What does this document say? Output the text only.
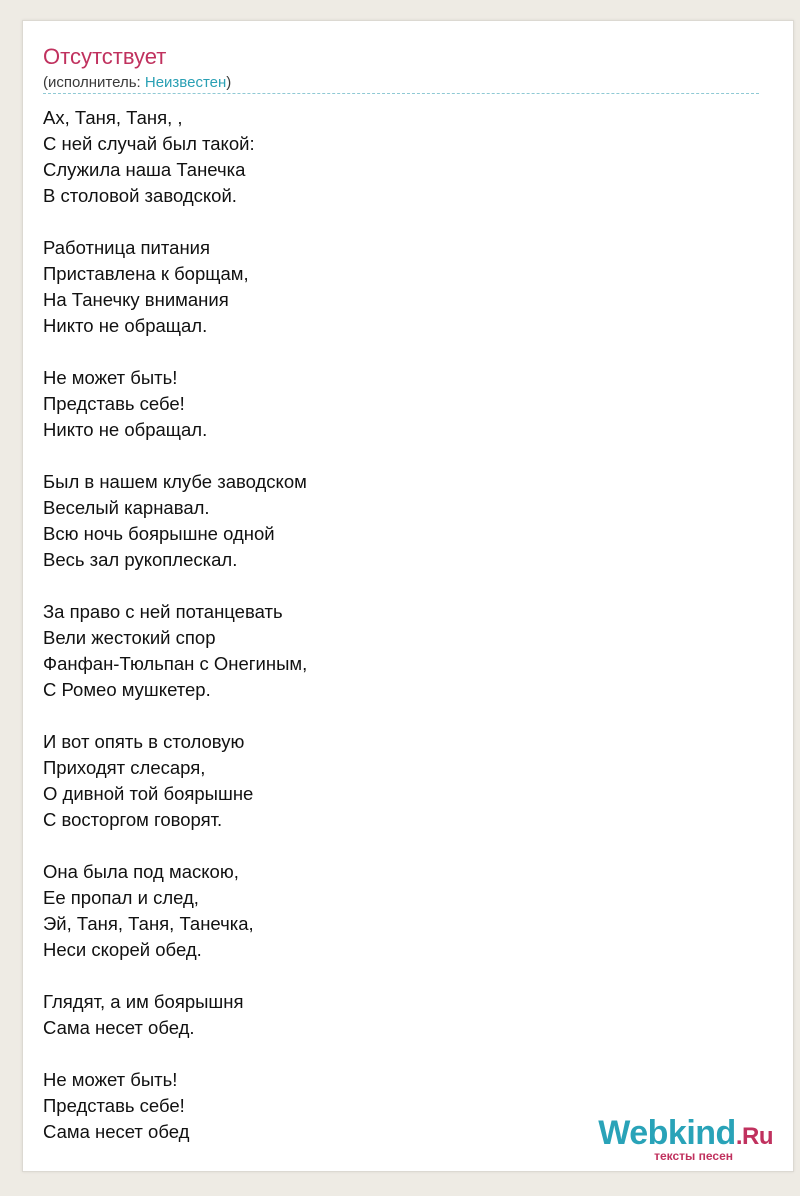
Отсутствует
(исполнитель: Неизвестен)
Ах, Таня, Таня, ,
С ней случай был такой:
Служила наша Танечка
В столовой заводской.
Работница питания
Приставлена к борщам,
На Танечку внимания
Никто не обращал.
Не может быть!
Представь себе!
Никто не обращал.
Был в нашем клубе заводском
Веселый карнавал.
Всю ночь боярышне одной
Весь зал рукоплескал.
За право с ней потанцевать
Вели жестокий спор
Фанфан-Тюльпан с Онегиным,
С Ромео мушкетер.
И вот опять в столовую
Приходят слесаря,
О дивной той боярышне
С восторгом говорят.
Она была под маскою,
Ее пропал и след,
Эй, Таня, Таня, Танечка,
Неси скорей обед.
Глядят, а им боярышня
Сама несет обед.
Не может быть!
Представь себе!
Сама несет обед	Webkind.Ru
тексты песен
